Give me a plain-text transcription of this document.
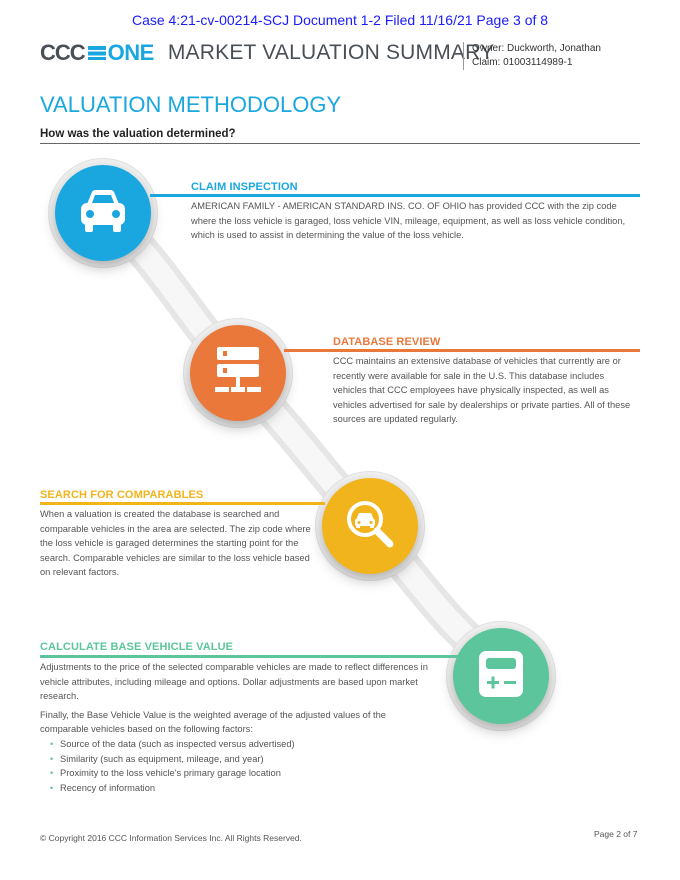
Case 4:21-cv-00214-SCJ Document 1-2 Filed 11/16/21 Page 3 of 8
CCC ONE MARKET VALUATION SUMMARY
Owner: Duckworth, Jonathan
Claim: 01003114989-1
VALUATION METHODOLOGY
How was the valuation determined?
CLAIM INSPECTION
AMERICAN FAMILY - AMERICAN STANDARD INS. CO. OF OHIO has provided CCC with the zip code where the loss vehicle is garaged, loss vehicle VIN, mileage, equipment, as well as loss vehicle condition, which is used to assist in determining the value of the loss vehicle.
DATABASE REVIEW
CCC maintains an extensive database of vehicles that currently are or recently were available for sale in the U.S. This database includes vehicles that CCC employees have physically inspected, as well as vehicles advertised for sale by dealerships or private parties. All of these sources are updated regularly.
SEARCH FOR COMPARABLES
When a valuation is created the database is searched and comparable vehicles in the area are selected. The zip code where the loss vehicle is garaged determines the starting point for the search. Comparable vehicles are similar to the loss vehicle based on relevant factors.
CALCULATE BASE VEHICLE VALUE

Adjustments to the price of the selected comparable vehicles are made to reflect differences in vehicle attributes, including mileage and options. Dollar adjustments are based upon market research.

Finally, the Base Vehicle Value is the weighted average of the adjusted values of the comparable vehicles based on the following factors:

• Source of the data (such as inspected versus advertised)
• Similarity (such as equipment, mileage, and year)
• Proximity to the loss vehicle's primary garage location
• Recency of information
© Copyright 2016 CCC Information Services Inc. All Rights Reserved.	Page 2 of 7
